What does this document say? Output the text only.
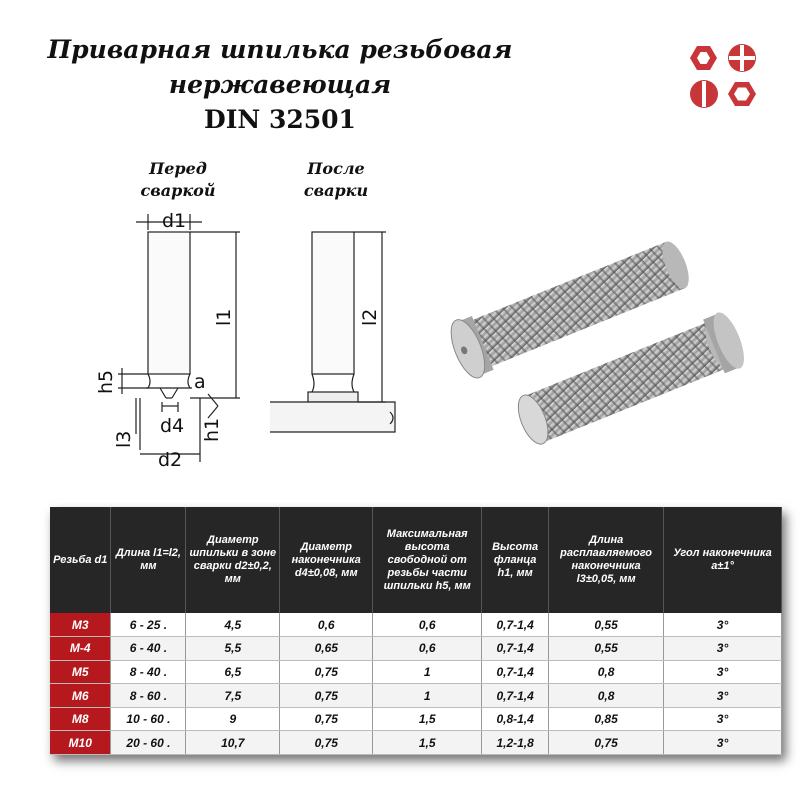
Приварная шпилька резьбовая
нержавеющая
DIN 32501
Перед
сваркой
После
сварки
d1
l1	l2
h5	a
l3
d4 h1
d2
Резьба d1	Длина l1=l2, мм	Диаметр шпильки в зоне сварки d2±0,2, мм	Диаметр наконечника d4±0,08, мм	Максимальная высота свободной от резьбы части шпильки h5, мм	Высота фланца h1, мм	Длина расплавляемого наконечника l3±0,05, мм	Угол наконечника a±1°
M3	6 - 25 .	4,5	0,6	0,6	0,7-1,4	0,55	3°
M-4	6 - 40 .	5,5	0,65	0,6	0,7-1,4	0,55	3°
M5	8 - 40 .	6,5	0,75	1	0,7-1,4	0,8	3°
M6	8 - 60 .	7,5	0,75	1	0,7-1,4	0,8	3°
M8	10 - 60 .	9	0,75	1,5	0,8-1,4	0,85	3°
M10	20 - 60 .	10,7	0,75	1,5	1,2-1,8	0,75	3°
